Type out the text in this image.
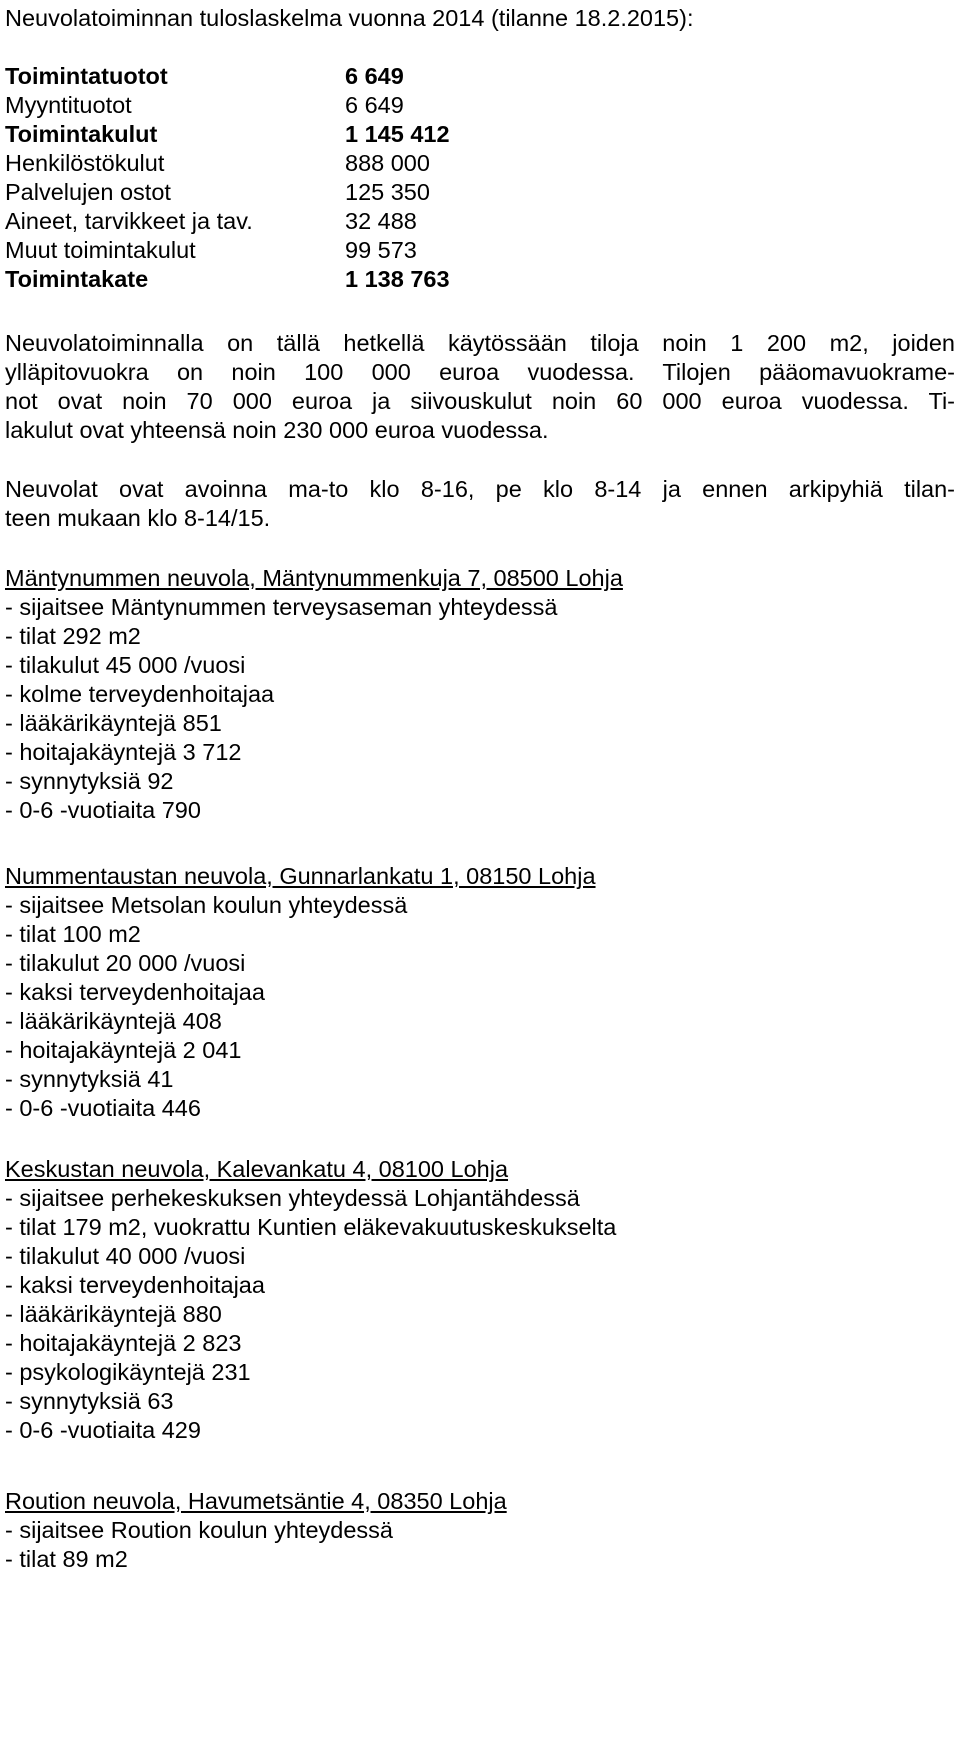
Neuvolatoiminnan tuloslaskelma vuonna 2014 (tilanne 18.2.2015):
Toimintatuotot	6 649
Myyntituotot	6 649
Toimintakulut	1 145 412
Henkilöstökulut	888 000
Palvelujen ostot	125 350
Aineet, tarvikkeet ja tav.	32 488
Muut toimintakulut	99 573
Toimintakate	1 138 763
Neuvolatoiminnalla on tällä hetkellä käytössään tiloja noin 1 200 m2, joiden
ylläpitovuokra on noin 100 000 euroa vuodessa. Tilojen pääomavuokrame-
not ovat noin 70 000 euroa ja siivouskulut noin 60 000 euroa vuodessa. Ti-
lakulut ovat yhteensä noin 230 000 euroa vuodessa.
Neuvolat ovat avoinna ma-to klo 8-16, pe klo 8-14 ja ennen arkipyhiä tilan-
teen mukaan klo 8-14/15.
Mäntynummen neuvola, Mäntynummenkuja 7, 08500 Lohja
- sijaitsee Mäntynummen terveysaseman yhteydessä
- tilat 292 m2
- tilakulut 45 000 /vuosi
- kolme terveydenhoitajaa
- lääkärikäyntejä 851
- hoitajakäyntejä 3 712
- synnytyksiä 92
- 0-6 -vuotiaita 790
Nummentaustan neuvola, Gunnarlankatu 1, 08150 Lohja
- sijaitsee Metsolan koulun yhteydessä
- tilat 100 m2
- tilakulut 20 000 /vuosi
- kaksi terveydenhoitajaa
- lääkärikäyntejä 408
- hoitajakäyntejä 2 041
- synnytyksiä 41
- 0-6 -vuotiaita 446
Keskustan neuvola, Kalevankatu 4, 08100 Lohja
- sijaitsee perhekeskuksen yhteydessä Lohjantähdessä
- tilat 179 m2, vuokrattu Kuntien eläkevakuutuskeskukselta
- tilakulut 40 000 /vuosi
- kaksi terveydenhoitajaa
- lääkärikäyntejä 880
- hoitajakäyntejä 2 823
- psykologikäyntejä 231
- synnytyksiä 63
- 0-6 -vuotiaita 429
Roution neuvola, Havumetsäntie 4, 08350 Lohja
- sijaitsee Roution koulun yhteydessä
- tilat 89 m2
